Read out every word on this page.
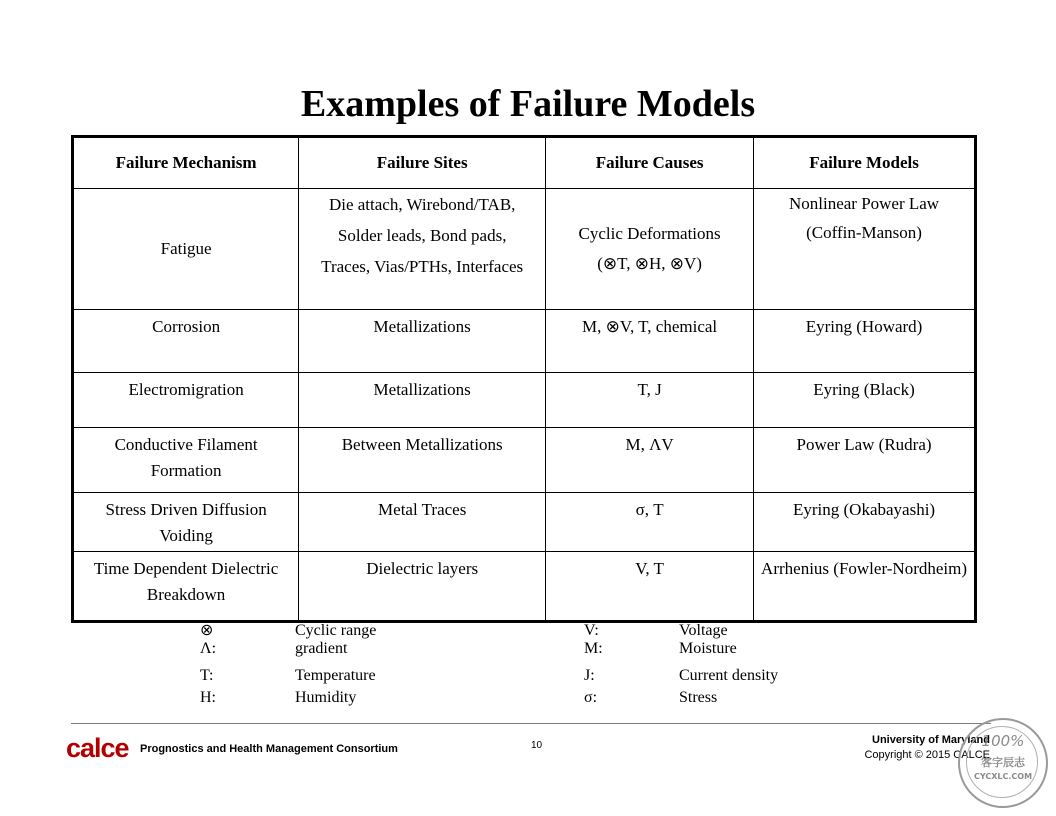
Examples of Failure Models
Failure Mechanism	Failure Sites	Failure Causes	Failure Models
Fatigue	Die attach, Wirebond/TAB, Solder leads, Bond pads, Traces, Vias/PTHs, Interfaces	Cyclic Deformations (⊗T, ⊗H, ⊗V)	Nonlinear Power Law (Coffin-Manson)
Corrosion	Metallizations	M, ⊗V, T, chemical	Eyring (Howard)
Electromigration	Metallizations	T, J	Eyring (Black)
Conductive Filament Formation	Between Metallizations	M, ΛV	Power Law (Rudra)
Stress Driven Diffusion Voiding	Metal Traces	σ, T	Eyring (Okabayashi)
Time Dependent Dielectric Breakdown	Dielectric layers	V, T	Arrhenius (Fowler-Nordheim)
⊗	Cyclic range
Λ:	gradient
T:	Temperature
H:	Humidity
V:	Voltage
M:	Moisture
J:	Current density
σ:	Stress
calce Prognostics and Health Management Consortium	10	University of Maryland
Copyright © 2015 CALCE
100%
客字辰志
CYCXLC.COM
